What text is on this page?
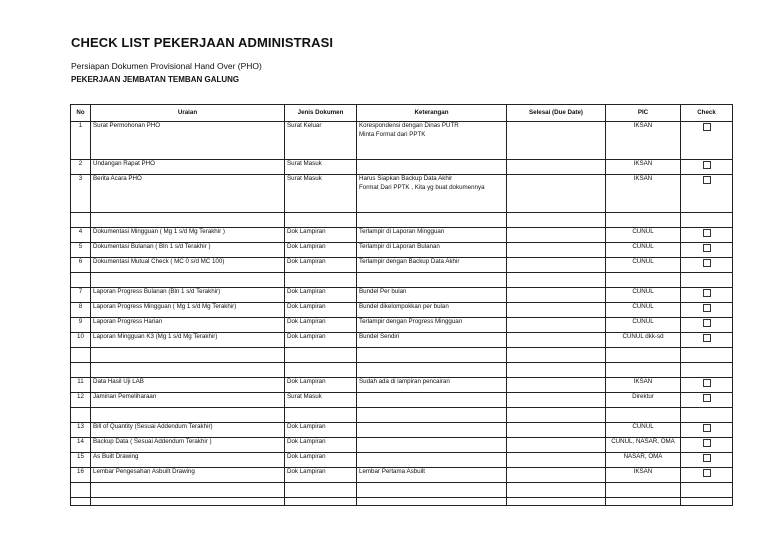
CHECK LIST PEKERJAAN ADMINISTRASI
Persiapan Dokumen Provisional Hand Over (PHO)
PEKERJAAN JEMBATAN TEMBAN GALUNG
No	Uraian	Jenis Dokumen	Keterangan	Selesai (Due Date)	PIC	Check
1	Surat Permohonan PHO	Surat Keluar	Korespondensi dengan Dinas PUTR
Minta Format dari PPTK		IKSAN	
2	Undangan Rapat PHO	Surat Masuk			IKSAN	
3	Berita Acara PHO	Surat Masuk	Harus Siapkan Backup Data Akhir
Format Dari PPTK , Kita yg buat dokumennya		IKSAN	

4	Dokumentasi Mingguan ( Mg 1 s/d Mg Terakhir )	Dok Lampiran	Terlampir di Laporan Mingguan		CUNUL	
5	Dokumentasi Bulanan ( Bln 1 s/d Terakhir )	Dok Lampiran	Terlampir di Laporan Bulanan		CUNUL	
6	Dokumentasi Mutual Check ( MC 0 s/d MC 100)	Dok Lampiran	Terlampir dengan Backup Data Akhir		CUNUL	

7	Laporan Progress Bulanan (Bln 1 s/d Terakhir)	Dok Lampiran	Bundel Per bulan		CUNUL	
8	Laporan Progress Mingguan ( Mg 1 s/d Mg Terakhir)	Dok Lampiran	Bundel dikelompokkan per bulan		CUNUL	
9	Laporan Progress Harian	Dok Lampiran	Terlampir dengan Progress Mingguan		CUNUL	
10	Laporan Mingguan K3 (Mg 1 s/d Mg Terakhir)	Dok Lampiran	Bundel Sendiri		CUNUL dkk-sd	

11	Data Hasil Uji LAB	Dok Lampiran	Sudah ada di lampiran pencairan		IKSAN	
12	Jaminan Pemeliharaan	Surat Masuk			Direktur	

13	Bill of Quantity (Sesuai Addendum Terakhir)	Dok Lampiran			CUNUL	
14	Backup Data ( Sesuai Addendum Terakhir )	Dok Lampiran			CUNUL, NASAR, OMA	
15	As Built Drawing	Dok Lampiran			NASAR, OMA	
16	Lembar Pengesahan Asbuilt Drawing	Dok Lampiran	Lembar Pertama Asbuilt		IKSAN	
